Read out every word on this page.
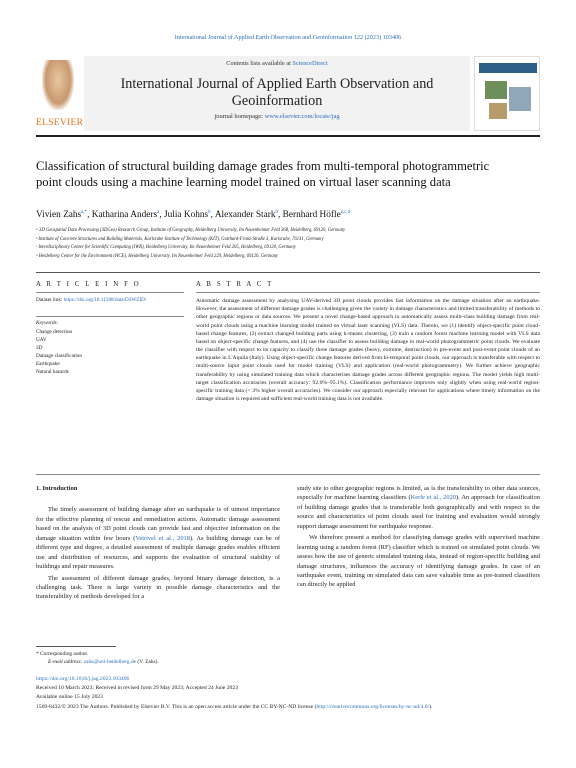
International Journal of Applied Earth Observation and Geoinformation 122 (2023) 103406
ELSEVIER
Contents lists available at ScienceDirect
International Journal of Applied Earth Observation and Geoinformation
journal homepage: www.elsevier.com/locate/jag
Classification of structural building damage grades from multi-temporal photogrammetric point clouds using a machine learning model trained on virtual laser scanning data
Vivien Zahs$^{a,*}$, Katharina Anders$^a$, Julia Kohns$^b$, Alexander Stark$^b$, Bernhard Höfle$^{a,c,d}$
ᵃ 3D Geospatial Data Processing (3DGeo) Research Group, Institute of Geography, Heidelberg University, Im Neuenheimer Feld 368, Heidelberg, 69120, Germany
ᵇ Institute of Concrete Structures and Building Materials, Karlsruhe Institute of Technology (KIT), Gotthard-Franz-Straße 3, Karlsruhe, 76131, Germany
ᶜ Interdisciplinary Center for Scientific Computing (IWR), Heidelberg University, Im Neuenheimer Feld 205, Heidelberg, 69120, Germany
ᵈ Heidelberg Center for the Environment (HCE), Heidelberg University, Im Neuenheimer Feld 229, Heidelberg, 69120, Germany
A R T I C L E I N F O
Dataset link: https://doi.org/10.11588/data/D3WZID/
Keywords:
Change detection
UAV
3D
Damage classification
Earthquake
Natural hazards
A B S T R A C T
Automatic damage assessment by analysing UAV-derived 3D point clouds provides fast information on the damage situation after an earthquake. However, the assessment of different damage grades is challenging given the variety in damage characteristics and limited transferability of methods to other geographic regions or data sources. We present a novel change-based approach to automatically assess multi-class building damage from real-world point clouds using a machine learning model trained on virtual laser scanning (VLS) data. Therein, we (1) identify object-specific point cloud-based change features, (2) extract changed building parts using k-means clustering, (3) train a random forest machine learning model with VLS data based on object-specific change features, and (4) use the classifier to assess building damage in real-world photogrammetric point clouds. We evaluate the classifier with respect to its capacity to classify three damage grades (heavy, extreme, destruction) in pre-event and post-event point clouds of an earthquake in L'Aquila (Italy). Using object-specific change features derived from bi-temporal point clouds, our approach is transferable with respect to multi-source input point clouds used for model training (VLS) and application (real-world photogrammetry). We further achieve geographic transferability by using simulated training data which characterises damage grades across different geographic regions. The model yields high multi-target classification accuracies (overall accuracy: 92.0%–95.1%). Classification performance improves only slightly when using real-world region-specific training data (< 3% higher overall accuracies). We consider our approach especially relevant for applications where timely information on the damage situation is required and sufficient real-world training data is not available.
1. Introduction
The timely assessment of building damage after an earthquake is of utmost importance for the effective planning of rescue and remediation actions. Automatic damage assessment based on the analysis of 3D point clouds can provide fast and objective information on the damage situation within few hours (Vetrivel et al., 2018). As building damage can be of different type and degree, a detailed assessment of multiple damage grades enables efficient use and distribution of resources, and supports the evaluation of structural stability of buildings and repair measures.
The assessment of different damage grades, beyond binary damage detection, is a challenging task. There is large variety in possible damage characteristics and the transferability of methods developed for a
study site to other geographic regions is limited, as is the transferability to other data sources, especially for machine learning classifiers (Kerle et al., 2020). An approach for classification of building damage grades that is transferable both geographically and with respect to the source and characteristics of point clouds used for training and evaluation would strongly support damage assessment for earthquake response.
We therefore present a method for classifying damage grades with supervised machine learning using a random forest (RF) classifier which is trained on simulated point clouds. We assess how the use of generic simulated training data, instead of region-specific building and damage structures, influences the accuracy of identifying damage grades. In case of an earthquake event, training on simulated data can save valuable time as pre-trained classifiers can directly be applied
* Corresponding author.
E-mail address: zahs@uni-heidelberg.de (V. Zahs).
https://doi.org/10.1016/j.jag.2023.103406
Received 10 March 2023; Received in revised form 29 May 2023; Accepted 24 June 2023
Available online 15 July 2023
1569-8432/© 2023 The Authors. Published by Elsevier B.V. This is an open access article under the CC BY-NC-ND license (http://creativecommons.org/licenses/by-nc-nd/4.0/).
